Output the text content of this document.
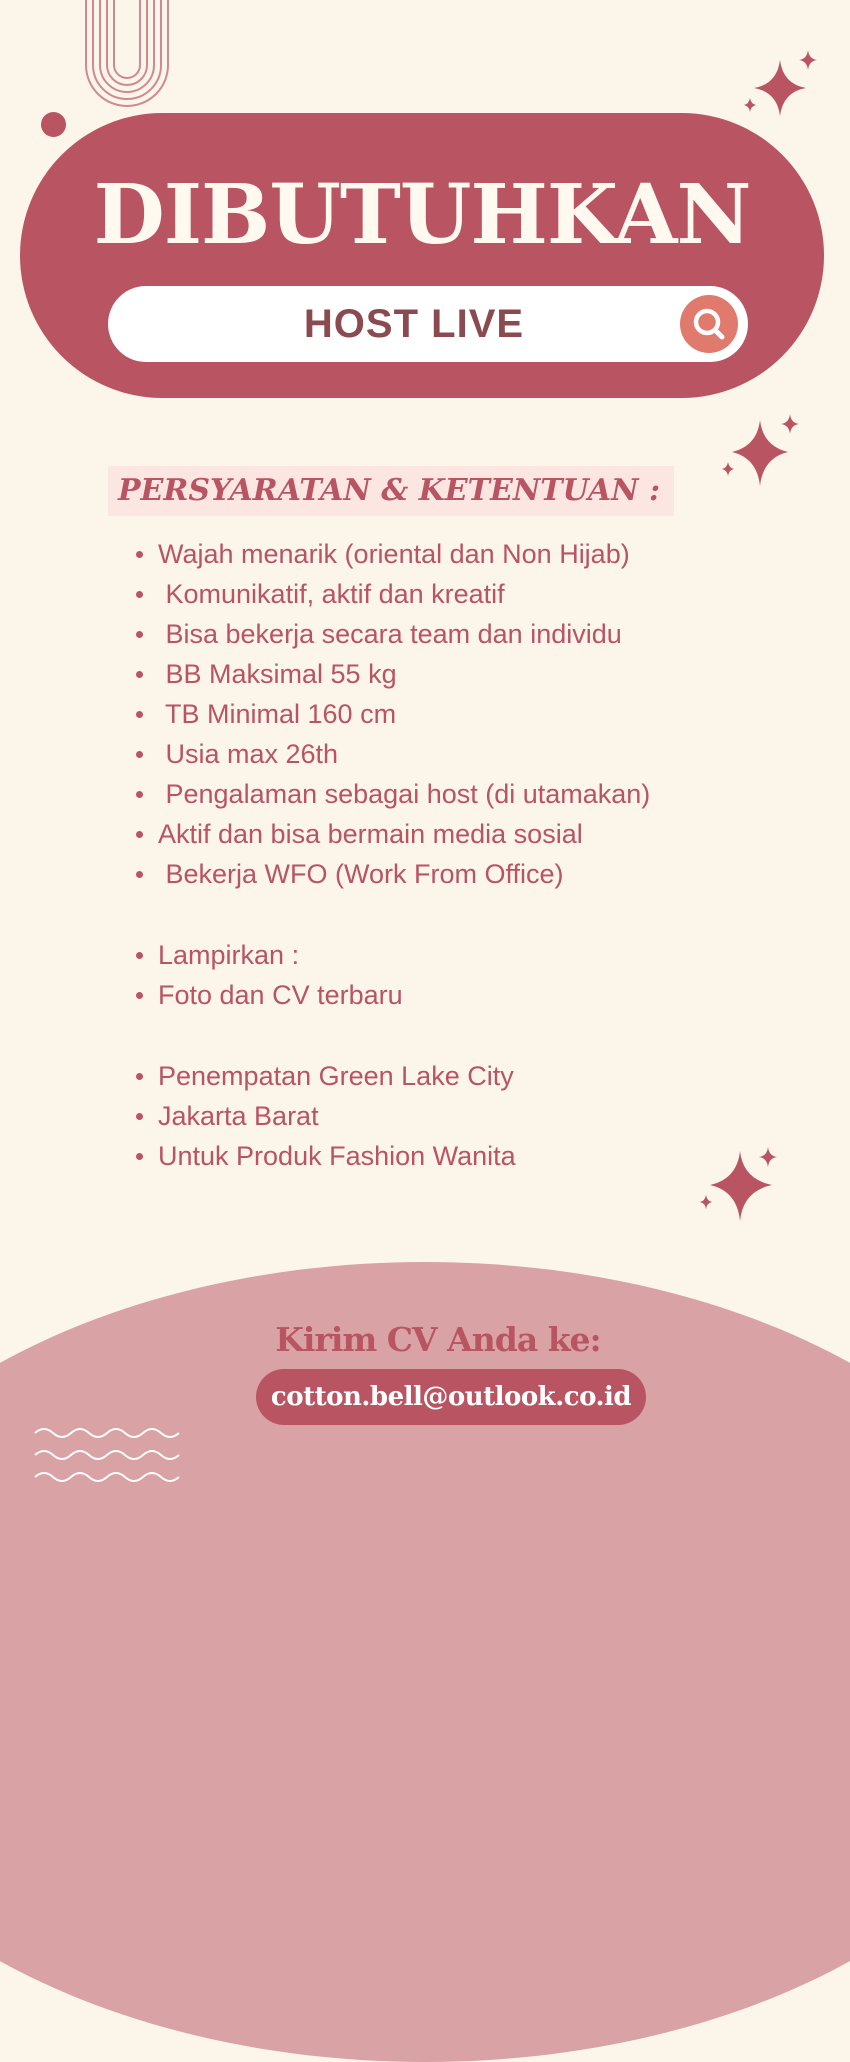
DIBUTUHKAN
HOST LIVE
PERSYARATAN & KETENTUAN :
Wajah menarik (oriental dan Non Hijab)
Komunikatif, aktif dan kreatif
Bisa bekerja secara team dan individu
BB Maksimal 55 kg
TB Minimal 160 cm
Usia max 26th
Pengalaman sebagai host (di utamakan)
Aktif dan bisa bermain media sosial
Bekerja WFO (Work From Office)
Lampirkan :
Foto dan CV terbaru
Penempatan Green Lake City
Jakarta Barat
Untuk Produk Fashion Wanita

Kirim CV Anda ke:

cotton.bell@outlook.co.id
